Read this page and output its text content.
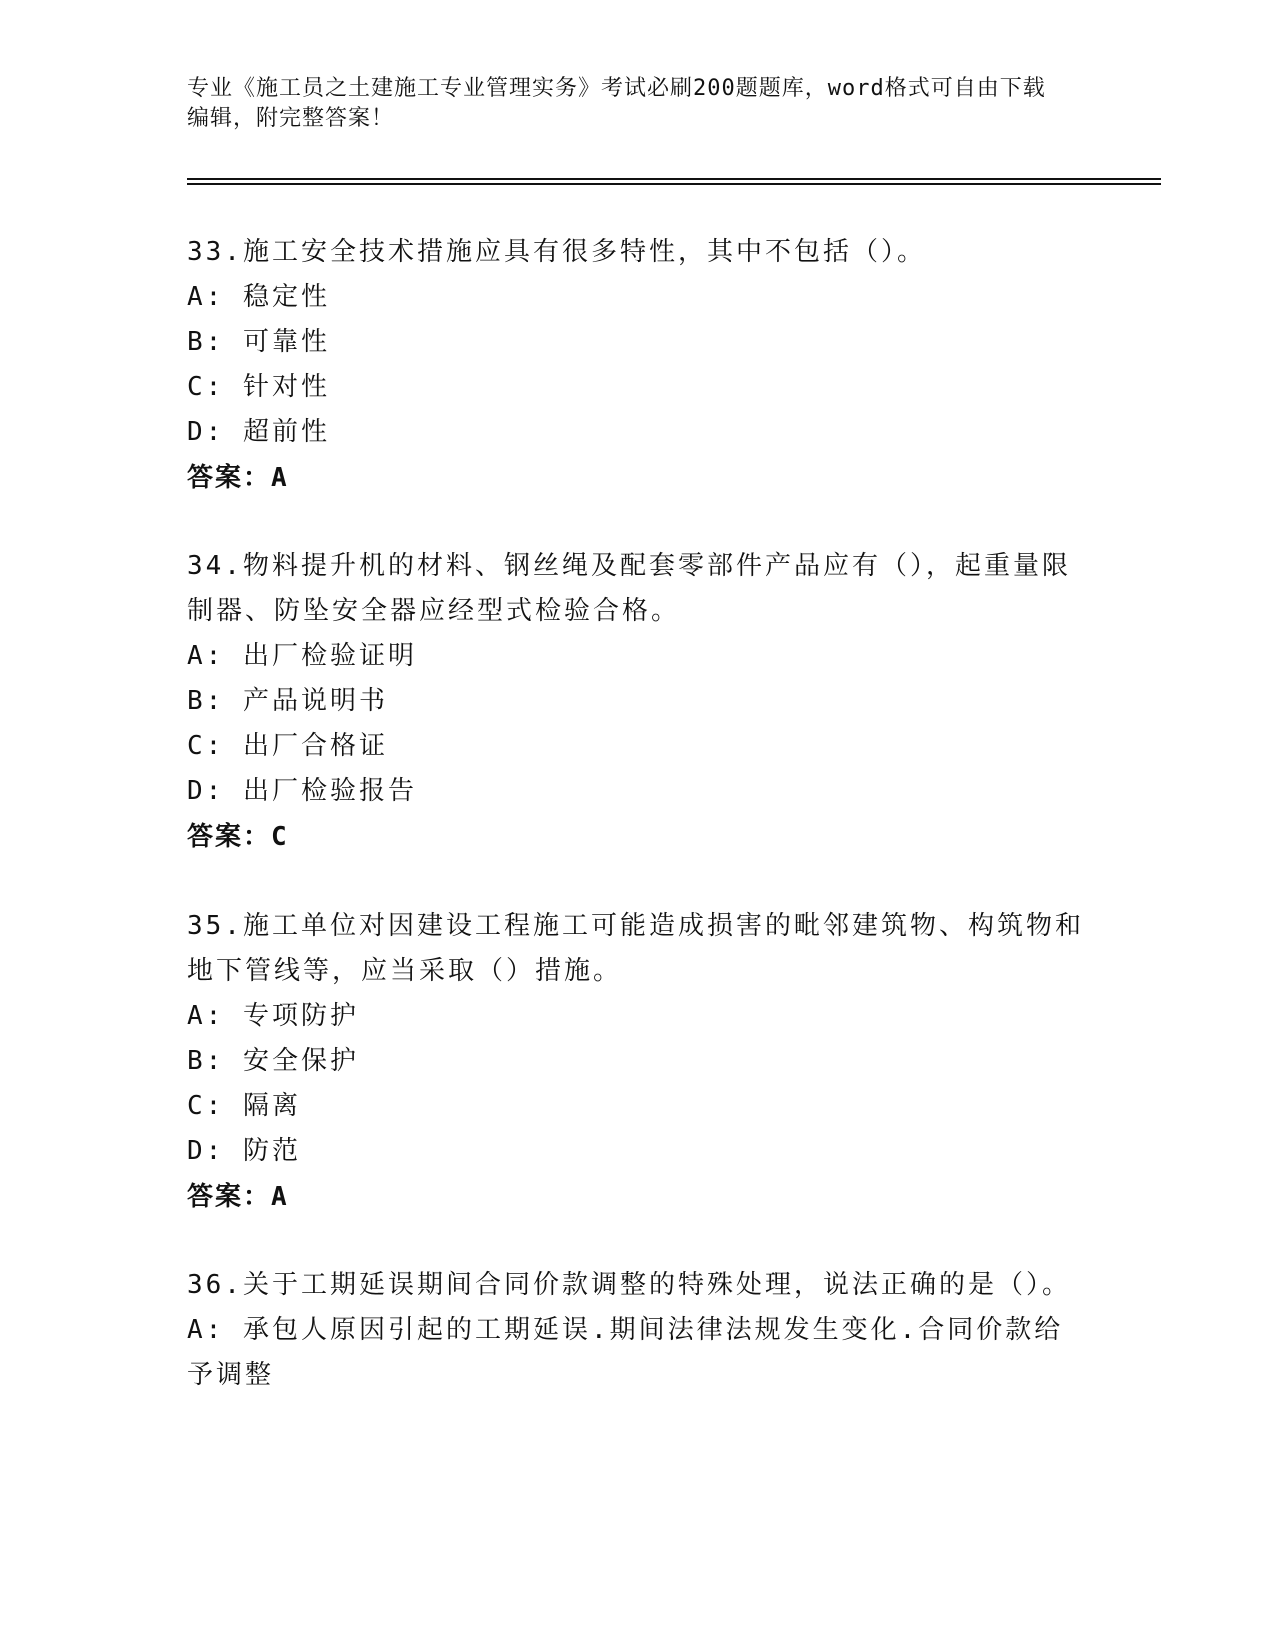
专业《施工员之土建施工专业管理实务》考试必刷200题题库，word格式可自由下载编辑，附完整答案！
33.施工安全技术措施应具有很多特性，其中不包括（）。
A: 稳定性
B: 可靠性
C: 针对性
D: 超前性
答案：A
34.物料提升机的材料、钢丝绳及配套零部件产品应有（），起重量限制器、防坠安全器应经型式检验合格。
A: 出厂检验证明
B: 产品说明书
C: 出厂合格证
D: 出厂检验报告
答案：C
35.施工单位对因建设工程施工可能造成损害的毗邻建筑物、构筑物和地下管线等，应当采取（）措施。
A: 专项防护
B: 安全保护
C: 隔离
D: 防范
答案：A
36.关于工期延误期间合同价款调整的特殊处理，说法正确的是（）。
A: 承包人原因引起的工期延误.期间法律法规发生变化.合同价款给予调整
